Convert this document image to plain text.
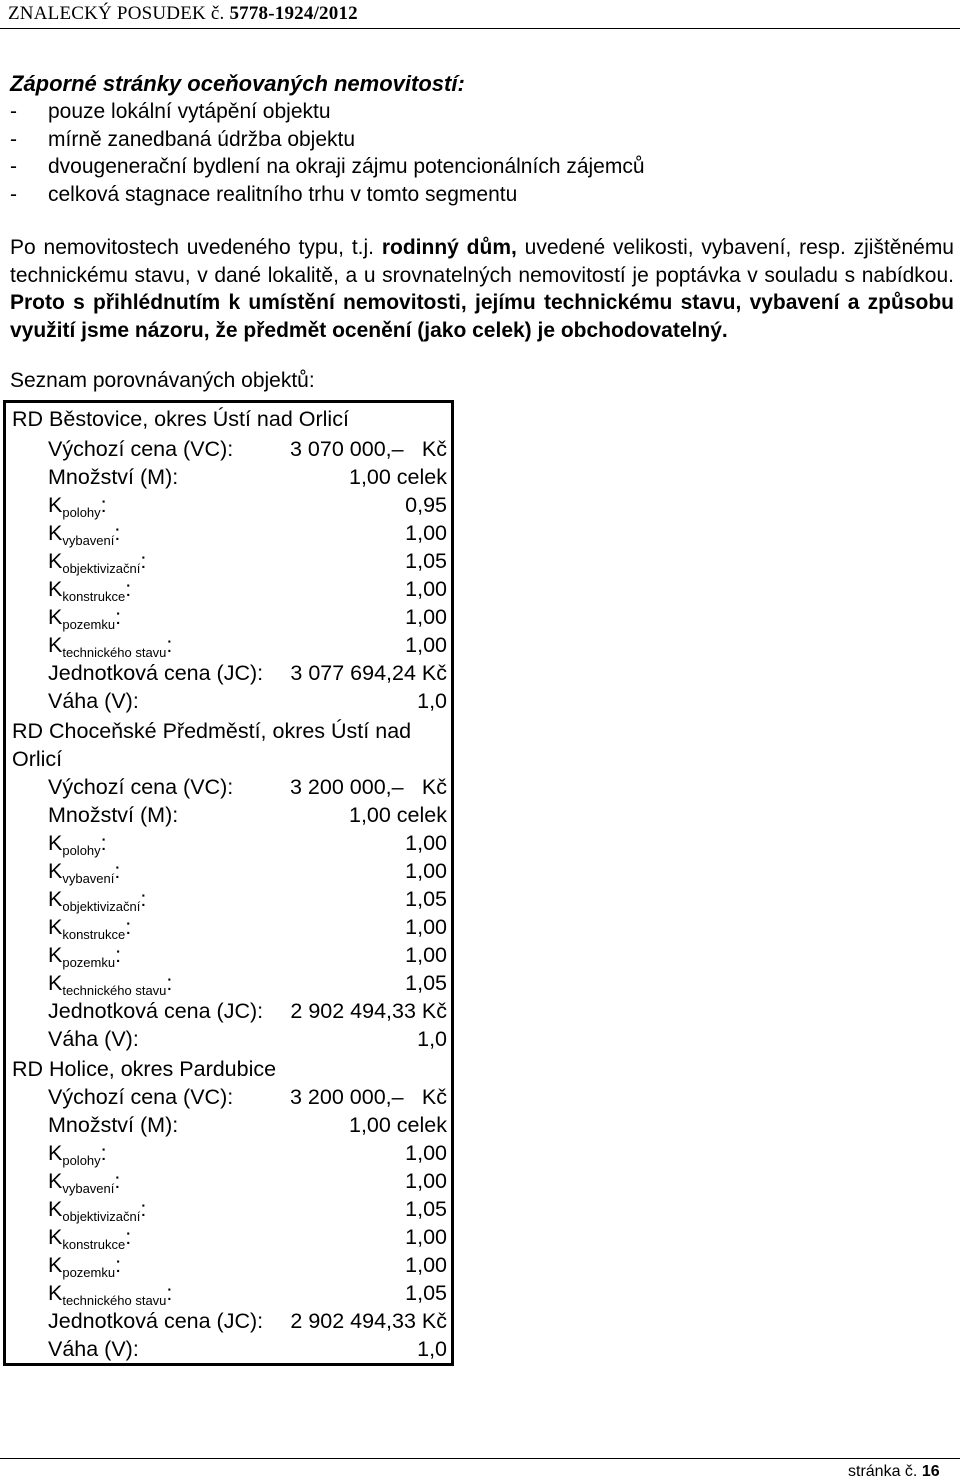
ZNALECKÝ POSUDEK č. 5778-1924/2012
Záporné stránky oceňovaných nemovitostí:
- pouze lokální vytápění objektu
- mírně zanedbaná údržba objektu
- dvougenerační bydlení na okraji zájmu potencionálních zájemců
- celková stagnace realitního trhu v tomto segmentu
Po nemovitostech uvedeného typu, t.j. rodinný dům, uvedené velikosti, vybavení, resp. zjištěnému technickému stavu, v dané lokalitě, a u srovnatelných nemovitostí je poptávka v souladu s nabídkou. Proto s přihlédnutím k umístění nemovitosti, jejímu technickému stavu, vybavení a způsobu využití jsme názoru, že předmět ocenění (jako celek) je obchodovatelný.
Seznam porovnávaných objektů:
RD Běstovice, okres Ústí nad Orlicí
Výchozí cena (VC):	3 070 000,– Kč
Množství (M):	1,00 celek
$K_{polohy}$:	0,95
$K_{vybavení}$:	1,00
$K_{objektivizační}$:	1,05
$K_{konstrukce}$:	1,00
$K_{pozemku}$:	1,00
$K_{technického stavu}$:	1,00
Jednotková cena (JC): 3 077 694,24 Kč
Váha (V):	1,0
RD Choceňské Předměstí, okres Ústí nad Orlicí
Výchozí cena (VC):	3 200 000,– Kč
Množství (M):	1,00 celek
$K_{polohy}$:	1,00
$K_{vybavení}$:	1,00
$K_{objektivizační}$:	1,05
$K_{konstrukce}$:	1,00
$K_{pozemku}$:	1,00
$K_{technického stavu}$:	1,05
Jednotková cena (JC): 2 902 494,33 Kč
Váha (V):	1,0
RD Holice, okres Pardubice
Výchozí cena (VC):	3 200 000,– Kč
Množství (M):	1,00 celek
$K_{polohy}$:	1,00
$K_{vybavení}$:	1,00
$K_{objektivizační}$:	1,05
$K_{konstrukce}$:	1,00
$K_{pozemku}$:	1,00
$K_{technického stavu}$:	1,05
Jednotková cena (JC): 2 902 494,33 Kč
Váha (V):	1,0
stránka č. 16
